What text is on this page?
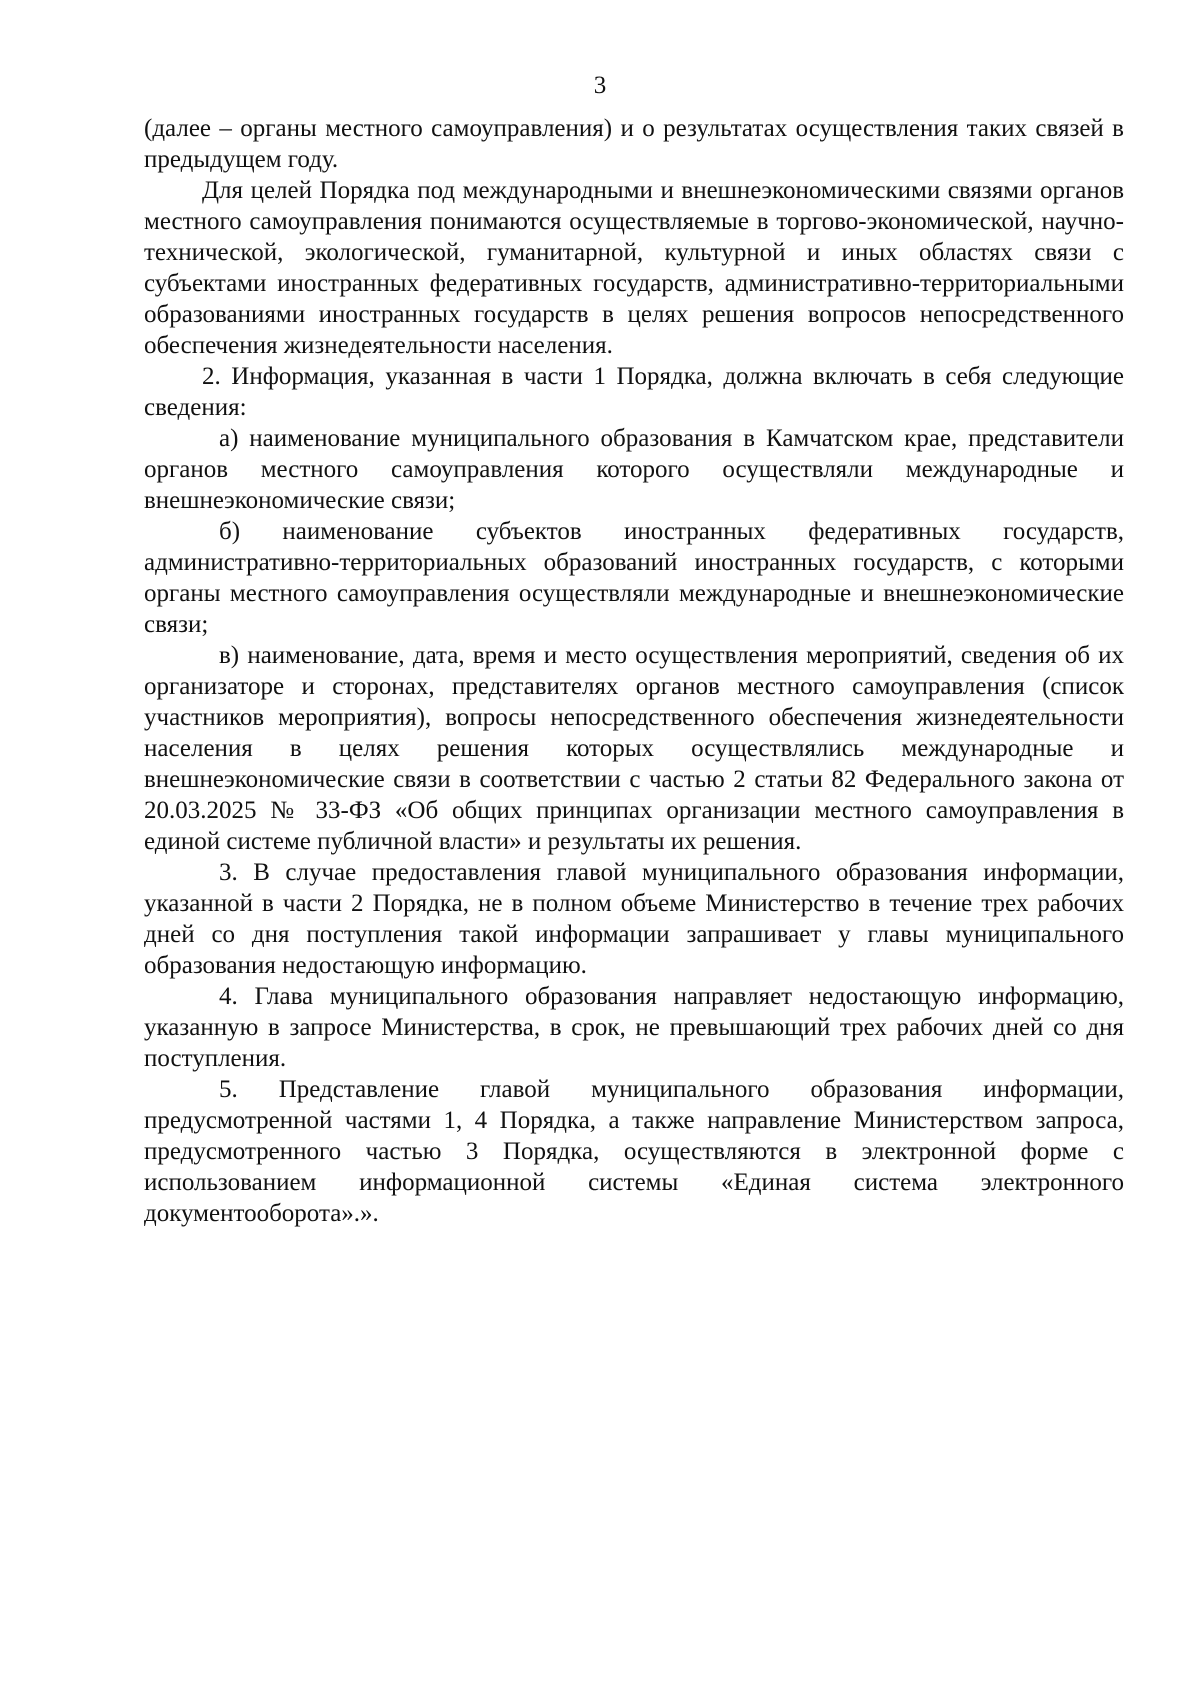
3

(далее – органы местного самоуправления) и о результатах осуществления таких связей в предыдущем году.

Для целей Порядка под международными и внешнеэкономическими связями органов местного самоуправления понимаются осуществляемые в торгово-экономической, научно-технической, экологической, гуманитарной, культурной и иных областях связи с субъектами иностранных федеративных государств, административно-территориальными образованиями иностранных государств в целях решения вопросов непосредственного обеспечения жизнедеятельности населения.

2. Информация, указанная в части 1 Порядка, должна включать в себя следующие сведения:

а) наименование муниципального образования в Камчатском крае, представители органов местного самоуправления которого осуществляли международные и внешнеэкономические связи;

б) наименование субъектов иностранных федеративных государств, административно-территориальных образований иностранных государств, с которыми органы местного самоуправления осуществляли международные и внешнеэкономические связи;

в) наименование, дата, время и место осуществления мероприятий, сведения об их организаторе и сторонах, представителях органов местного самоуправления (список участников мероприятия), вопросы непосредственного обеспечения жизнедеятельности населения в целях решения которых осуществлялись международные и внешнеэкономические связи в соответствии с частью 2 статьи 82 Федерального закона от 20.03.2025 № 33-ФЗ «Об общих принципах организации местного самоуправления в единой системе публичной власти» и результаты их решения.

3. В случае предоставления главой муниципального образования информации, указанной в части 2 Порядка, не в полном объеме Министерство в течение трех рабочих дней со дня поступления такой информации запрашивает у главы муниципального образования недостающую информацию.

4. Глава муниципального образования направляет недостающую информацию, указанную в запросе Министерства, в срок, не превышающий трех рабочих дней со дня поступления.

5. Представление главой муниципального образования информации, предусмотренной частями 1, 4 Порядка, а также направление Министерством запроса, предусмотренного частью 3 Порядка, осуществляются в электронной форме с использованием информационной системы «Единая система электронного документооборота».».
